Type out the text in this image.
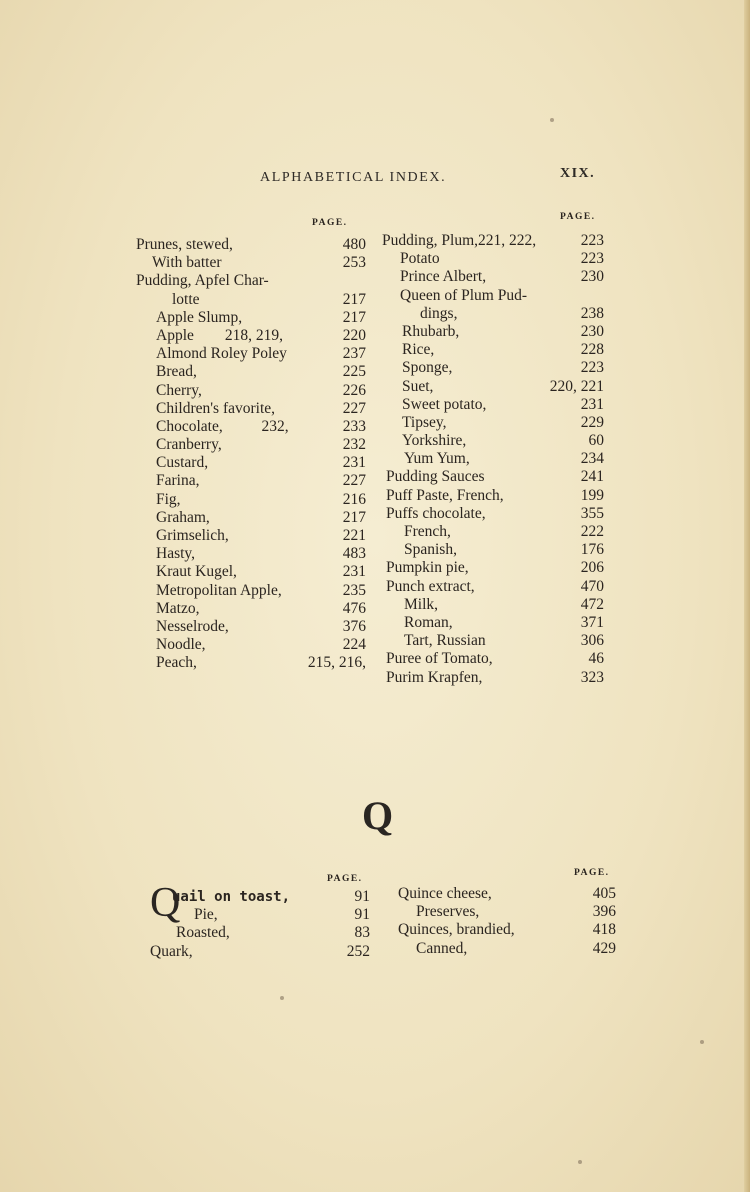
ALPHABETICAL INDEX.	XIX.
PAGE.
PAGE.
Prunes, stewed,	480
With batter	253
Pudding, Apfel Char-
lotte	217
Apple Slump,	217
Apple        218, 219,	220
Almond Roley Poley	237
Bread,	225
Cherry,	226
Children's favorite,	227
Chocolate,          232,	233
Cranberry,	232
Custard,	231
Farina,	227
Fig,	216
Graham,	217
Grimselich,	221
Hasty,	483
Kraut Kugel,	231
Metropolitan Apple,	235
Matzo,	476
Nesselrode,	376
Noodle,	224
Peach,	215, 216,
Pudding, Plum,221, 222,	223
Potato	223
Prince Albert,	230
Queen of Plum Pud-
dings,	238
Rhubarb,	230
Rice,	228
Sponge,	223
Suet,	220, 221
Sweet potato,	231
Tipsey,	229
Yorkshire,	60
Yum Yum,	234
Pudding Sauces	241
Puff Paste, French,	199
Puffs chocolate,	355
French,	222
Spanish,	176
Pumpkin pie,	206
Punch extract,	470
Milk,	472
Roman,	371
Tart, Russian	306
Puree of Tomato,	46
Purim Krapfen,	323
Q
PAGE.
PAGE.
Q
uail on toast,	91
Pie,	91
Roasted,	83
Quark,	252
Quince cheese,	405
Preserves,	396
Quinces, brandied,	418
Canned,	429
